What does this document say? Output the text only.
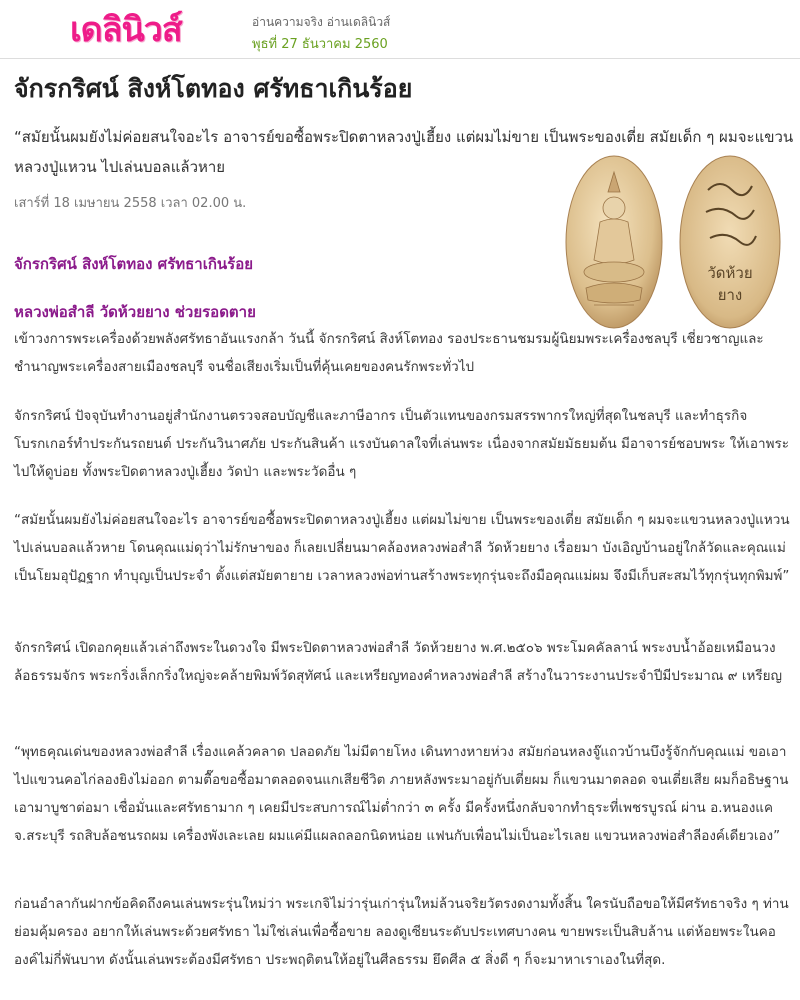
เดลินิวส์	อ่านความจริง อ่านเดลินิวส์
พุธที่ 27 ธันวาคม 2560
จักรกริศน์ สิงห์โตทอง ศรัทธาเกินร้อย

“สมัยนั้นผมยังไม่ค่อยสนใจอะไร อาจารย์ขอซื้อพระปิดตาหลวงปู่เฮี้ยง แต่ผมไม่ขาย เป็นพระของเตี่ย สมัยเด็ก ๆ ผมจะแขวนหลวงปู่แหวน ไปเล่นบอลแล้วหาย

เสาร์ที่ 18 เมษายน 2558 เวลา 02.00 น.
วัดห้วย
ยาง
จักรกริศน์ สิงห์โตทอง ศรัทธาเกินร้อย
หลวงพ่อสำลี วัดห้วยยาง ช่วยรอดตาย

เข้าวงการพระเครื่องด้วยพลังศรัทธาอันแรงกล้า วันนี้ จักรกริศน์ สิงห์โตทอง รองประธานชมรมผู้นิยมพระเครื่องชลบุรี เชี่ยวชาญและชำนาญพระเครื่องสายเมืองชลบุรี จนชื่อเสียงเริ่มเป็นที่คุ้นเคยของคนรักพระทั่วไป

จักรกริศน์ ปัจจุบันทำงานอยู่สำนักงานตรวจสอบบัญชีและภาษีอากร เป็นตัวแทนของกรมสรรพากรใหญ่ที่สุดในชลบุรี และทำธุรกิจโบรกเกอร์ทำประกันรถยนต์ ประกันวินาศภัย ประกันสินค้า แรงบันดาลใจที่เล่นพระ เนื่องจากสมัยมัธยมต้น มีอาจารย์ชอบพระ ให้เอาพระไปให้ดูบ่อย ทั้งพระปิดตาหลวงปู่เฮี้ยง วัดป่า และพระวัดอื่น ๆ

“สมัยนั้นผมยังไม่ค่อยสนใจอะไร อาจารย์ขอซื้อพระปิดตาหลวงปู่เฮี้ยง แต่ผมไม่ขาย เป็นพระของเตี่ย สมัยเด็ก ๆ ผมจะแขวนหลวงปู่แหวน ไปเล่นบอลแล้วหาย โดนคุณแม่ดุว่าไม่รักษาของ ก็เลยเปลี่ยนมาคล้องหลวงพ่อสำลี วัดห้วยยาง เรื่อยมา บังเอิญบ้านอยู่ใกล้วัดและคุณแม่เป็นโยมอุปัฏฐาก ทำบุญเป็นประจำ ตั้งแต่สมัยตายาย เวลาหลวงพ่อท่านสร้างพระทุกรุ่นจะถึงมือคุณแม่ผม จึงมีเก็บสะสมไว้ทุกรุ่นทุกพิมพ์”

จักรกริศน์ เปิดอกคุยแล้วเล่าถึงพระในดวงใจ มีพระปิดตาหลวงพ่อสำลี วัดห้วยยาง พ.ศ.๒๕๐๖ พระโมคคัลลาน์ พระงบน้ำอ้อยเหมือนวงล้อธรรมจักร พระกริ่งเล็กกริ่งใหญ่จะคล้ายพิมพ์วัดสุทัศน์ และเหรียญทองคำหลวงพ่อสำลี สร้างในวาระงานประจำปีมีประมาณ ๙ เหรียญ

“พุทธคุณเด่นของหลวงพ่อสำลี เรื่องแคล้วคลาด ปลอดภัย ไม่มีตายโหง เดินทางหายห่วง สมัยก่อนหลงจู๊แถวบ้านบึงรู้จักกับคุณแม่ ขอเอาไปแขวนคอไก่ลองยิงไม่ออก ตามตื๊อขอซื้อมาตลอดจนแกเสียชีวิต ภายหลังพระมาอยู่กับเตี่ยผม ก็แขวนมาตลอด จนเตี่ยเสีย ผมก็อธิษฐาน เอามาบูชาต่อมา เชื่อมั่นและศรัทธามาก ๆ เคยมีประสบการณ์ไม่ต่ำกว่า ๓ ครั้ง มีครั้งหนึ่งกลับจากทำธุระที่เพชรบูรณ์ ผ่าน อ.หนองแค จ.สระบุรี รถสิบล้อชนรถผม เครื่องพังเละเลย ผมแค่มีแผลถลอกนิดหน่อย แฟนกับเพื่อนไม่เป็นอะไรเลย แขวนหลวงพ่อสำลีองค์เดียวเอง”

ก่อนอำลากันฝากข้อคิดถึงคนเล่นพระรุ่นใหม่ว่า พระเกจิไม่ว่ารุ่นเก่ารุ่นใหม่ล้วนจริยวัตรงดงามทั้งสิ้น ใครนับถือขอให้มีศรัทธาจริง ๆ ท่านย่อมคุ้มครอง อยากให้เล่นพระด้วยศรัทธา ไม่ใช่เล่นเพื่อซื้อขาย ลองดูเซียนระดับประเทศบางคน ขายพระเป็นสิบล้าน แต่ห้อยพระในคอองค์ไม่กี่พันบาท ดังนั้นเล่นพระต้องมีศรัทธา ประพฤติตนให้อยู่ในศีลธรรม ยึดศีล ๕ สิ่งดี ๆ ก็จะมาหาเราเองในที่สุด.
